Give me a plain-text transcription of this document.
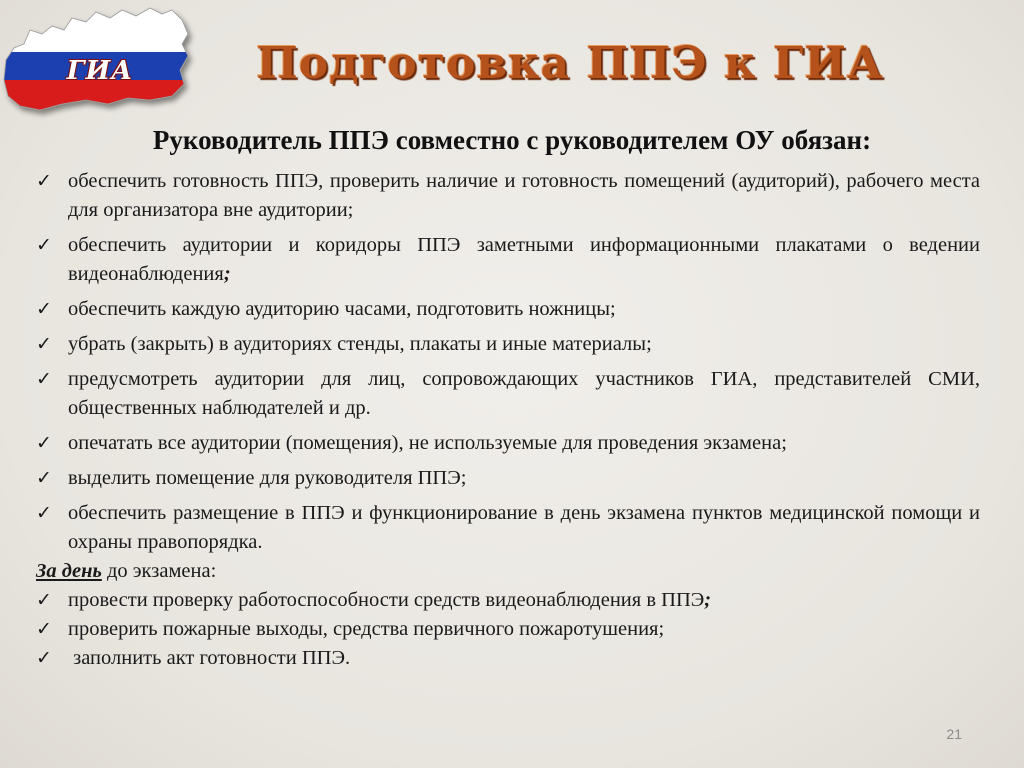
ГИА	Подготовка ППЭ к ГИА
Руководитель ППЭ совместно с руководителем ОУ обязан:
✓ обеспечить готовность ППЭ, проверить наличие и готовность помещений (аудиторий), рабочего места для организатора вне аудитории;
✓ обеспечить аудитории и коридоры ППЭ заметными информационными плакатами о ведении видеонаблюдения;
✓ обеспечить каждую аудиторию часами, подготовить ножницы;
✓ убрать (закрыть) в аудиториях стенды, плакаты и иные материалы;
✓ предусмотреть аудитории для лиц, сопровождающих участников ГИА, представителей СМИ, общественных наблюдателей и др.
✓ опечатать все аудитории (помещения), не используемые для проведения экзамена;
✓ выделить помещение для руководителя ППЭ;
✓ обеспечить размещение в ППЭ и функционирование в день экзамена пунктов медицинской помощи и охраны правопорядка.
За день до экзамена:
✓ провести проверку работоспособности средств видеонаблюдения в ППЭ;
✓ проверить пожарные выходы, средства первичного пожаротушения;
✓ заполнить акт готовности ППЭ.
21
